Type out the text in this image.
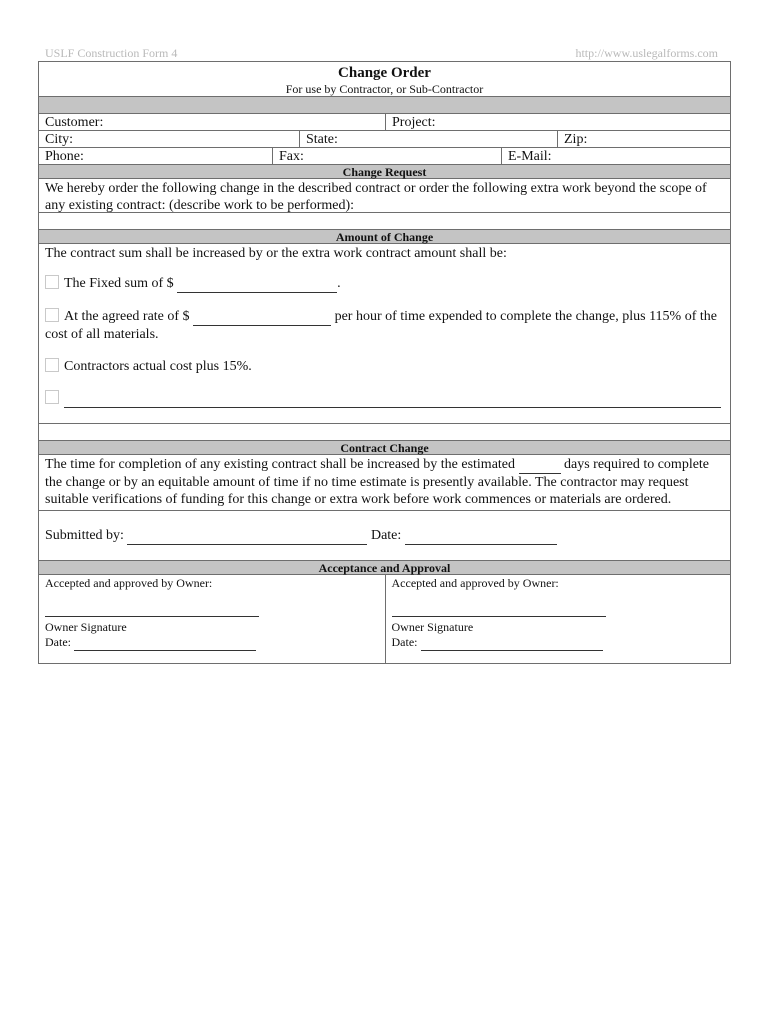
USLF Construction Form 4	http://www.uslegalforms.com
Change Order
For use by Contractor, or Sub-Contractor
Customer:	Project:
City:	State:	Zip:
Phone:	Fax:	E-Mail:
Change Request
We hereby order the following change in the described contract or order the following extra work beyond the scope of any existing contract: (describe work to be performed):
Amount of Change
The contract sum shall be increased by or the extra work contract amount shall be:
The Fixed sum of $	.
At the agreed rate of $	per hour of time expended to complete the change, plus 115% of the
cost of all materials.
Contractors actual cost plus 15%.

Contract Change
The time for completion of any existing contract shall be increased by the estimated	days required to complete the change or by an equitable amount of time if no time estimate is presently available. The contractor may request suitable verifications of funding for this change or extra work before work commences or materials are ordered.
Submitted by:	Date:
Acceptance and Approval
Accepted and approved by Owner:
Owner Signature
Date:
Accepted and approved by Owner:
Owner Signature
Date:
